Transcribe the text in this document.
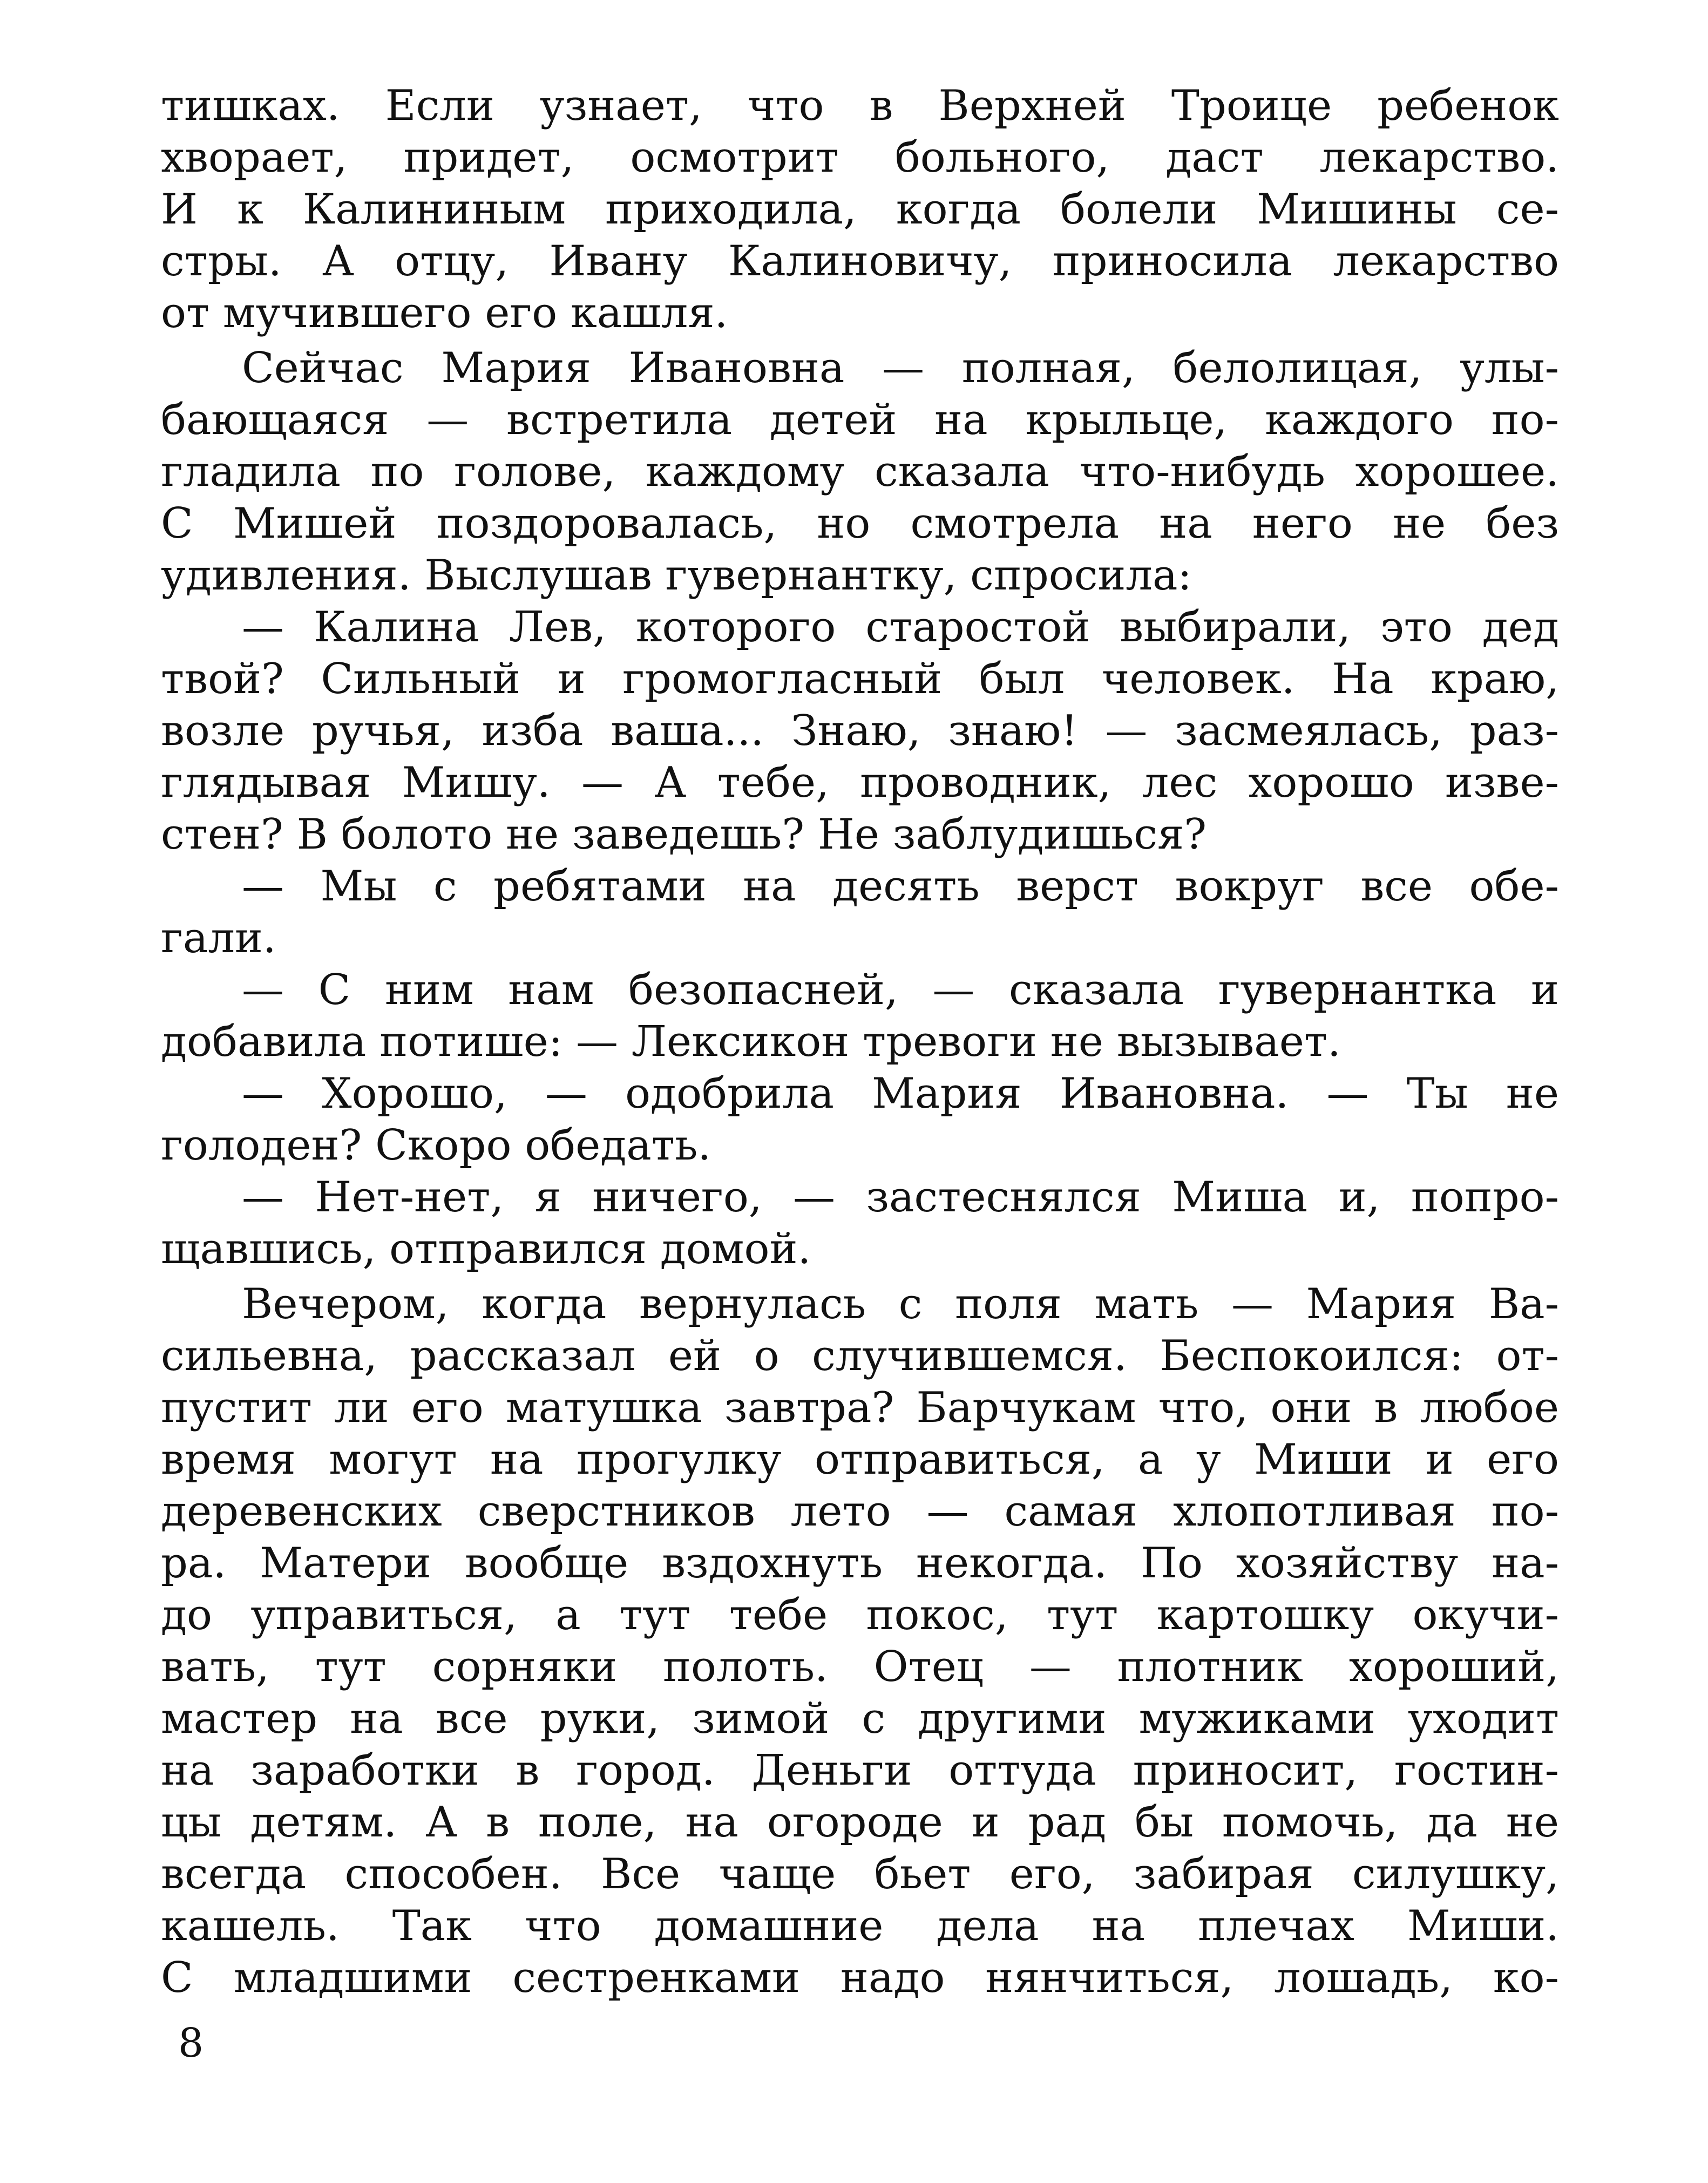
тишках. Если узнает, что в Верхней Троице ребенок
хворает, придет, осмотрит больного, даст лекарство.
И к Калининым приходила, когда болели Мишины се-
стры. А отцу, Ивану Калиновичу, приносила лекарство
от мучившего его кашля.
Сейчас Мария Ивановна — полная, белолицая, улы-
бающаяся — встретила детей на крыльце, каждого по-
гладила по голове, каждому сказала что-нибудь хорошее.
С Мишей поздоровалась, но смотрела на него не без
удивления. Выслушав гувернантку, спросила:
— Калина Лев, которого старостой выбирали, это дед
твой? Сильный и громогласный был человек. На краю,
возле ручья, изба ваша... Знаю, знаю! — засмеялась, раз-
глядывая Мишу. — А тебе, проводник, лес хорошо изве-
стен? В болото не заведешь? Не заблудишься?
— Мы с ребятами на десять верст вокруг все обе-
гали.
— С ним нам безопасней, — сказала гувернантка и
добавила потише: — Лексикон тревоги не вызывает.
— Хорошо, — одобрила Мария Ивановна. — Ты не
голоден? Скоро обедать.
— Нет-нет, я ничего, — застеснялся Миша и, попро-
щавшись, отправился домой.
Вечером, когда вернулась с поля мать — Мария Ва-
сильевна, рассказал ей о случившемся. Беспокоился: от-
пустит ли его матушка завтра? Барчукам что, они в любое
время могут на прогулку отправиться, а у Миши и его
деревенских сверстников лето — самая хлопотливая по-
ра. Матери вообще вздохнуть некогда. По хозяйству на-
до управиться, а тут тебе покос, тут картошку окучи-
вать, тут сорняки полоть. Отец — плотник хороший,
мастер на все руки, зимой с другими мужиками уходит
на заработки в город. Деньги оттуда приносит, гостин-
цы детям. А в поле, на огороде и рад бы помочь, да не
всегда способен. Все чаще бьет его, забирая силушку,
кашель. Так что домашние дела на плечах Миши.
С младшими сестренками надо нянчиться, лошадь, ко-
8
